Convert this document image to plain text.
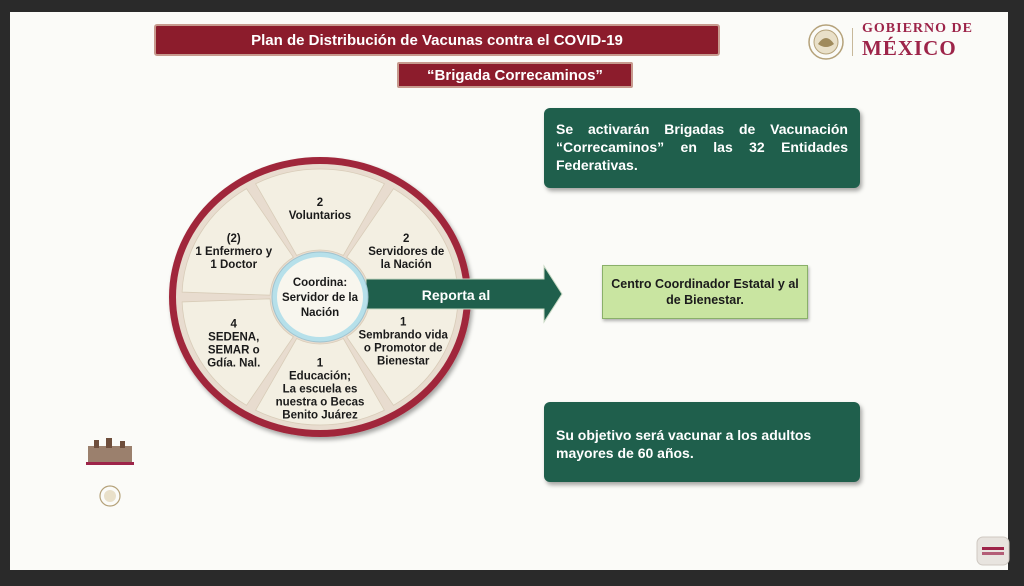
Plan de Distribución de Vacunas contra el COVID-19
“Brigada Correcaminos”
GOBIERNO DE
MÉXICO
2
Voluntarios
2
Servidores de
la Nación
1
Sembrando vida
o Promotor de
Bienestar
1
Educación;
La escuela es
nuestra o Becas
Benito Juárez
4
SEDENA,
SEMAR o
Gdía. Nal.
(2)
1 Enfermero y
1 Doctor
Coordina:
Servidor de la
Nación
Reporta al
Se activarán Brigadas de Vacunación “Correcaminos” en las 32 Entidades Federativas.
Centro Coordinador Estatal y al de Bienestar.
Su objetivo será vacunar a los adultos mayores de 60 años.
